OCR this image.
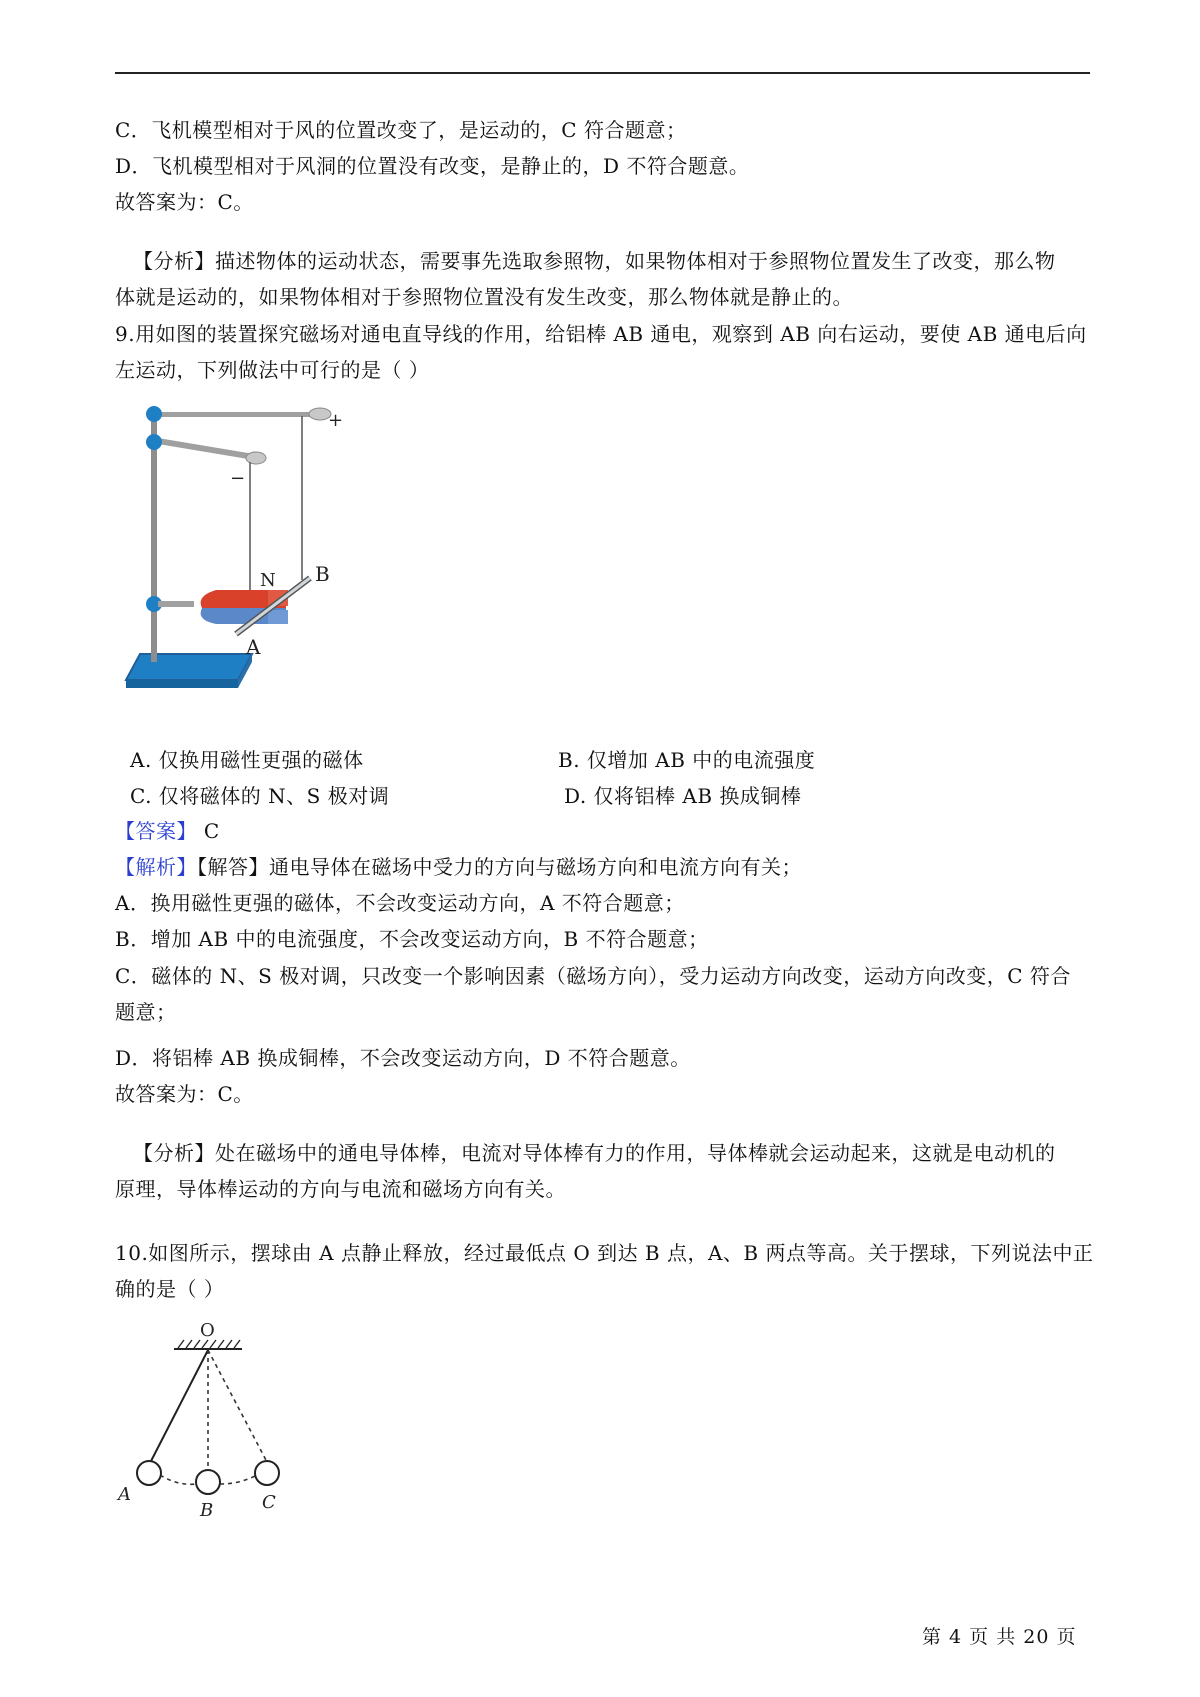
C．飞机模型相对于风的位置改变了，是运动的，C 符合题意；
D．飞机模型相对于风洞的位置没有改变，是静止的，D 不符合题意。
故答案为：C。
【分析】描述物体的运动状态，需要事先选取参照物，如果物体相对于参照物位置发生了改变，那么物
体就是运动的，如果物体相对于参照物位置没有发生改变，那么物体就是静止的。
9.用如图的装置探究磁场对通电直导线的作用，给铝棒 AB 通电，观察到 AB 向右运动，要使 AB 通电后向
左运动，下列做法中可行的是（ ）
+
−
N B
A
A. 仅换用磁性更强的磁体	B. 仅增加 AB 中的电流强度
C. 仅将磁体的 N、S 极对调	D. 仅将铝棒 AB 换成铜棒
【答案】 C
【解析】【解答】通电导体在磁场中受力的方向与磁场方向和电流方向有关；
A．换用磁性更强的磁体，不会改变运动方向，A 不符合题意；
B．增加 AB 中的电流强度，不会改变运动方向，B 不符合题意；
C．磁体的 N、S 极对调，只改变一个影响因素（磁场方向），受力运动方向改变，运动方向改变，C 符合
题意；
D．将铝棒 AB 换成铜棒，不会改变运动方向，D 不符合题意。
故答案为：C。
【分析】处在磁场中的通电导体棒，电流对导体棒有力的作用，导体棒就会运动起来，这就是电动机的
原理，导体棒运动的方向与电流和磁场方向有关。
10.如图所示，摆球由 A 点静止释放，经过最低点 O 到达 B 点，A、B 两点等高。关于摆球，下列说法中正
确的是（ ）
O
A
B	C
第 4 页 共 20 页
